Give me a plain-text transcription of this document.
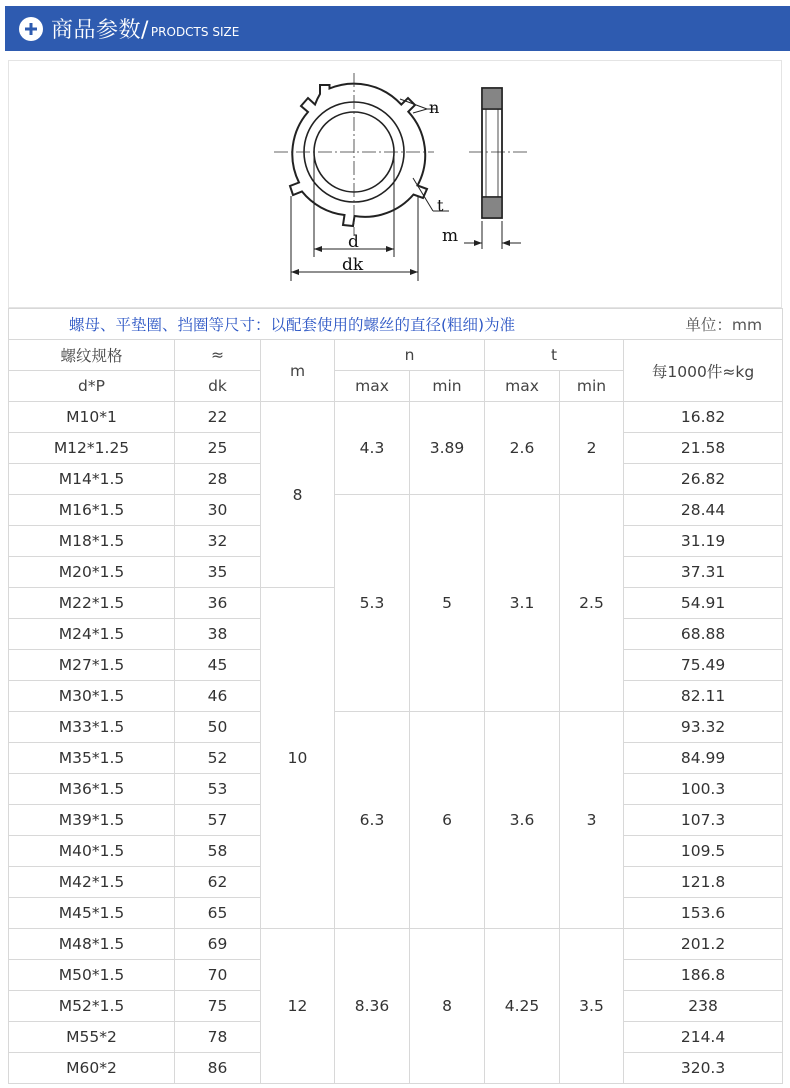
商品参数/ PRODCTS SIZE
n
t
d
dk
m
螺母、平垫圈、挡圈等尺寸：以配套使用的螺丝的直径(粗细)为准 单位：mm							

螺纹规格	≈	m	n		t		每1000件≈kg
d*P	dk		max	min	max	min	
M10*1	22	8	4.3	3.89	2.6	2	16.82
M12*1.25	25						21.58
M14*1.5	28						26.82
M16*1.5	30		5.3	5	3.1	2.5	28.44
M18*1.5	32						31.19
M20*1.5	35						37.31
M22*1.5	36	10					54.91
M24*1.5	38						68.88
M27*1.5	45						75.49
M30*1.5	46						82.11
M33*1.5	50		6.3	6	3.6	3	93.32
M35*1.5	52						84.99
M36*1.5	53						100.3
M39*1.5	57						107.3
M40*1.5	58						109.5
M42*1.5	62						121.8
M45*1.5	65						153.6
M48*1.5	69	12	8.36	8	4.25	3.5	201.2
M50*1.5	70						186.8
M52*1.5	75						238
M55*2	78						214.4
M60*2	86						320.3
